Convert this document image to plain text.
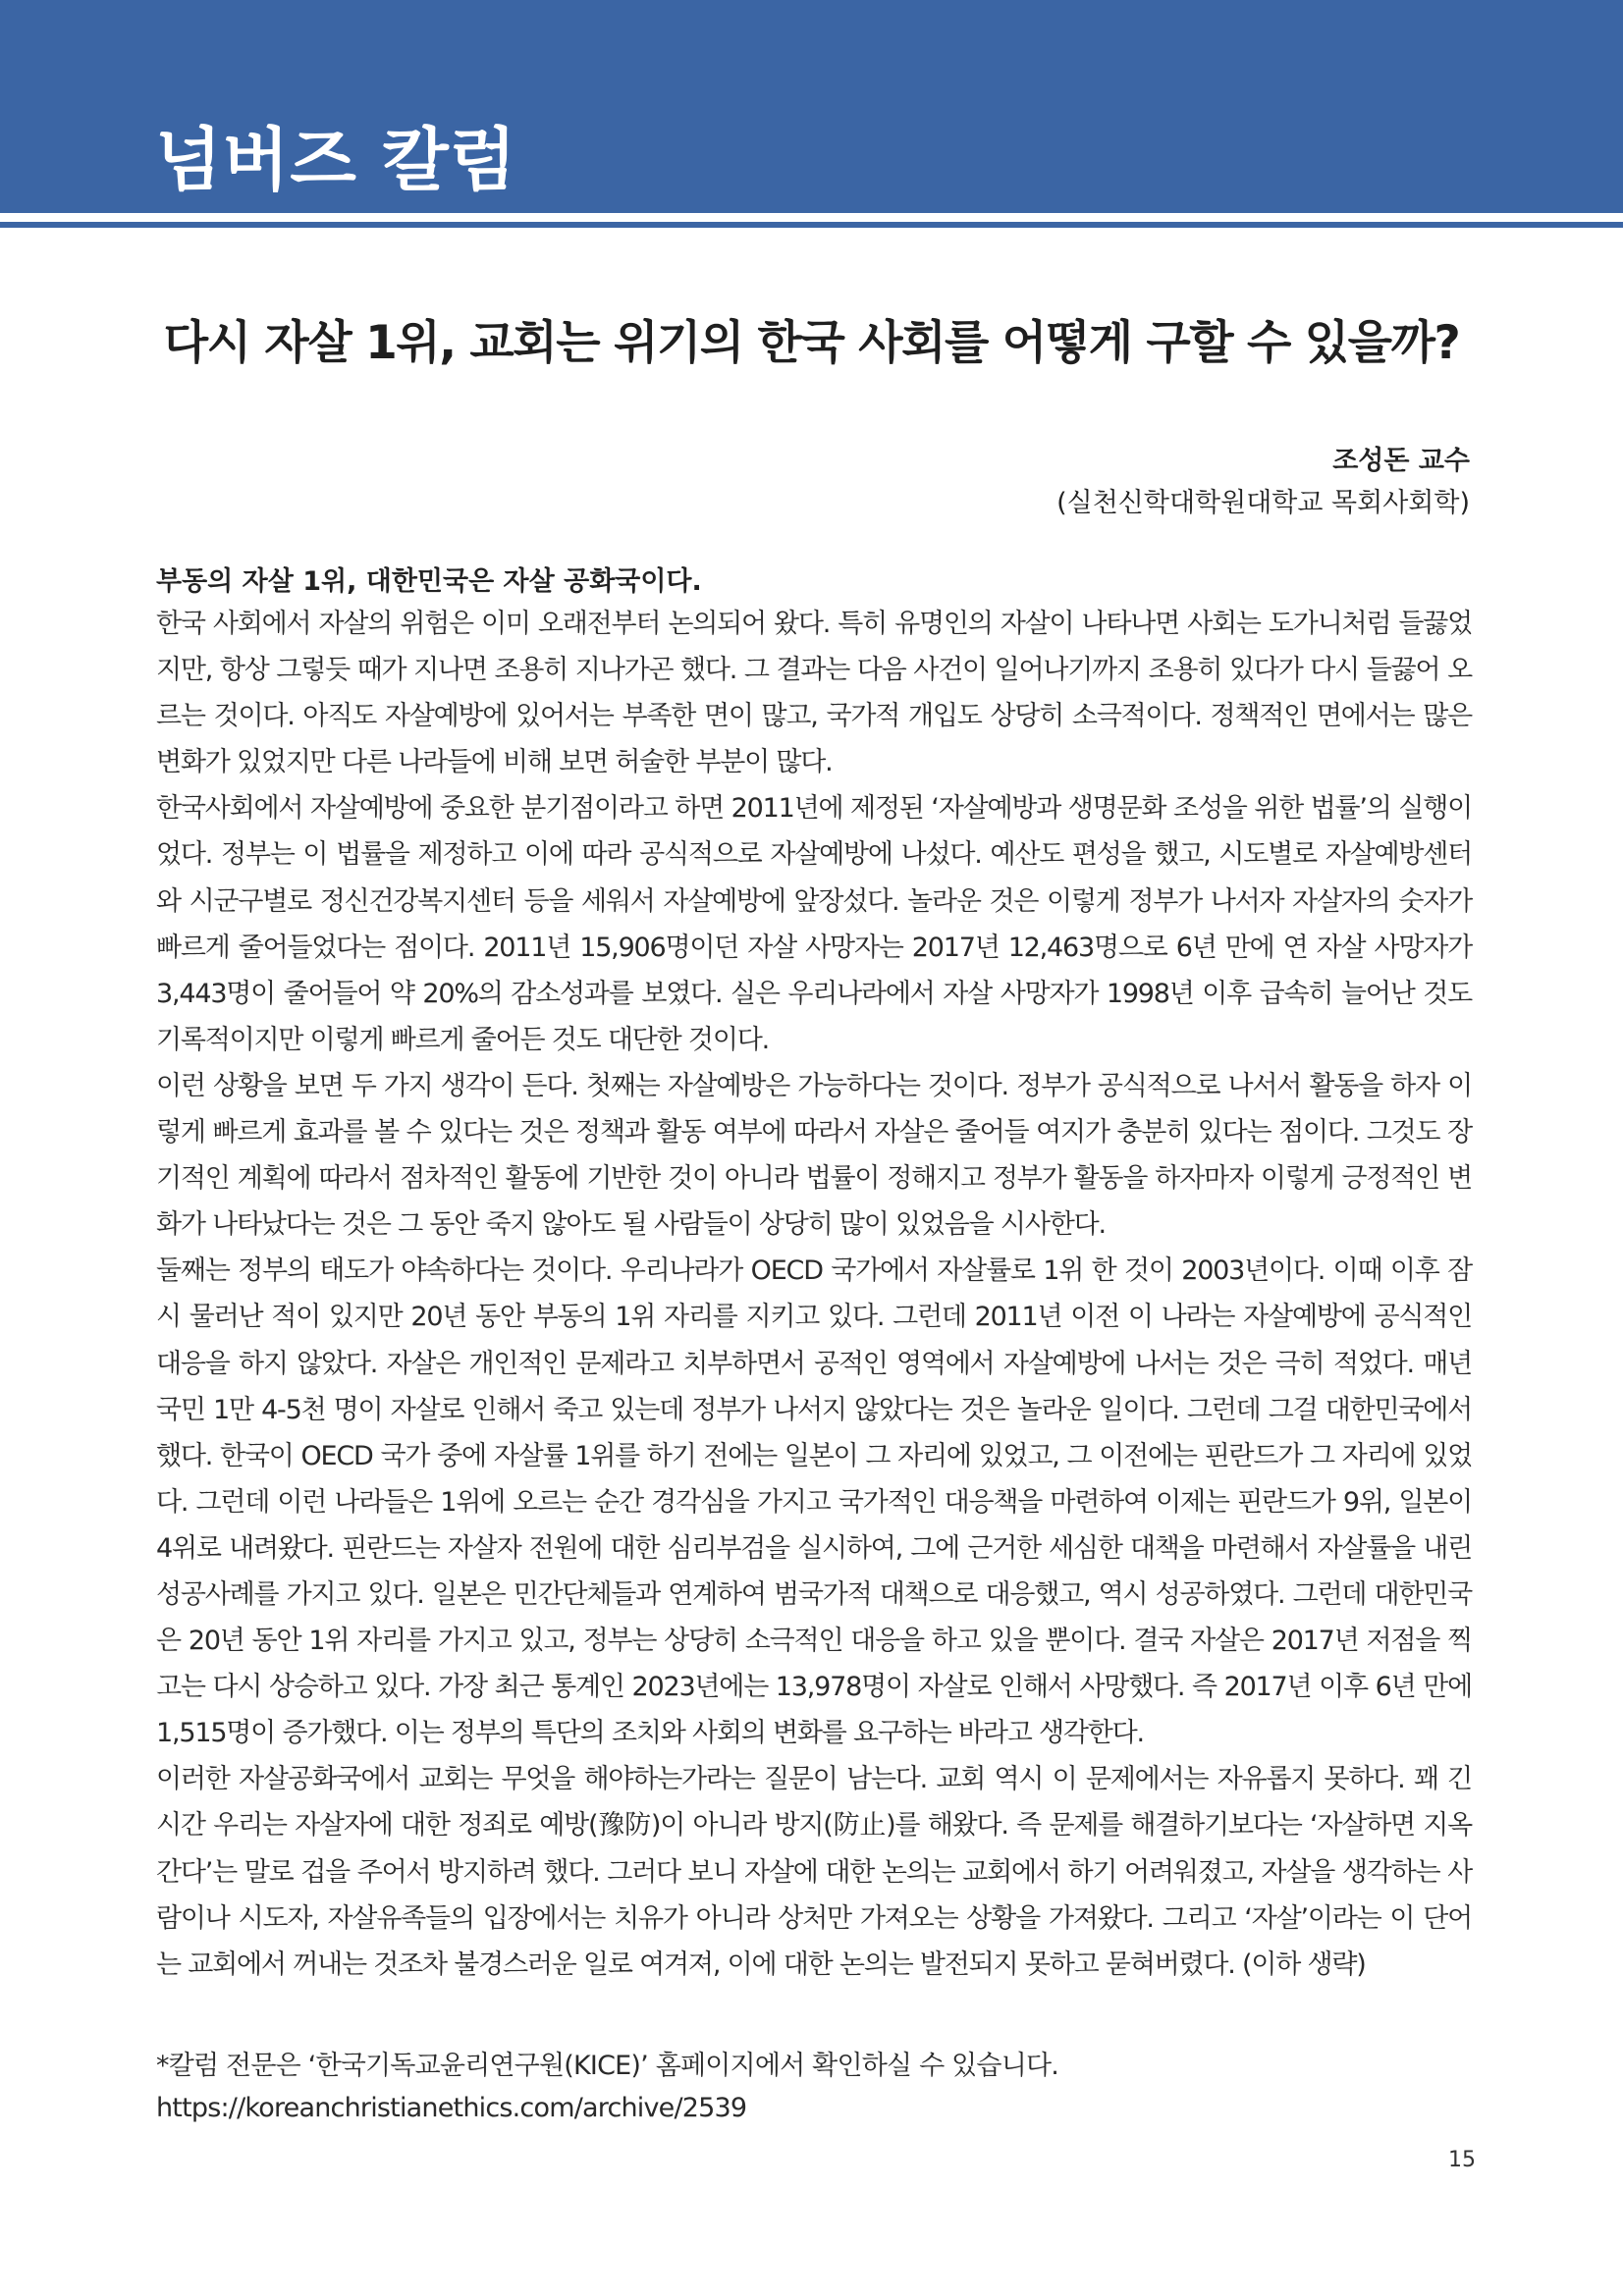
넘버즈 칼럼
다시 자살 1위, 교회는 위기의 한국 사회를 어떻게 구할 수 있을까?
조성돈 교수
(실천신학대학원대학교 목회사회학)
부동의 자살 1위, 대한민국은 자살 공화국이다.

한국 사회에서 자살의 위험은 이미 오래전부터 논의되어 왔다. 특히 유명인의 자살이 나타나면 사회는 도가니처럼 들끓었지만, 항상 그렇듯 때가 지나면 조용히 지나가곤 했다. 그 결과는 다음 사건이 일어나기까지 조용히 있다가 다시 들끓어 오르는 것이다. 아직도 자살예방에 있어서는 부족한 면이 많고, 국가적 개입도 상당히 소극적이다. 정책적인 면에서는 많은 변화가 있었지만 다른 나라들에 비해 보면 허술한 부분이 많다.

한국사회에서 자살예방에 중요한 분기점이라고 하면 2011년에 제정된 ‘자살예방과 생명문화 조성을 위한 법률’의 실행이었다. 정부는 이 법률을 제정하고 이에 따라 공식적으로 자살예방에 나섰다. 예산도 편성을 했고, 시도별로 자살예방센터와 시군구별로 정신건강복지센터 등을 세워서 자살예방에 앞장섰다. 놀라운 것은 이렇게 정부가 나서자 자살자의 숫자가 빠르게 줄어들었다는 점이다. 2011년 15,906명이던 자살 사망자는 2017년 12,463명으로 6년 만에 연 자살 사망자가 3,443명이 줄어들어 약 20%의 감소성과를 보였다. 실은 우리나라에서 자살 사망자가 1998년 이후 급속히 늘어난 것도 기록적이지만 이렇게 빠르게 줄어든 것도 대단한 것이다.

이런 상황을 보면 두 가지 생각이 든다. 첫째는 자살예방은 가능하다는 것이다. 정부가 공식적으로 나서서 활동을 하자 이렇게 빠르게 효과를 볼 수 있다는 것은 정책과 활동 여부에 따라서 자살은 줄어들 여지가 충분히 있다는 점이다. 그것도 장기적인 계획에 따라서 점차적인 활동에 기반한 것이 아니라 법률이 정해지고 정부가 활동을 하자마자 이렇게 긍정적인 변화가 나타났다는 것은 그 동안 죽지 않아도 될 사람들이 상당히 많이 있었음을 시사한다.

둘째는 정부의 태도가 야속하다는 것이다. 우리나라가 OECD 국가에서 자살률로 1위 한 것이 2003년이다. 이때 이후 잠시 물러난 적이 있지만 20년 동안 부동의 1위 자리를 지키고 있다. 그런데 2011년 이전 이 나라는 자살예방에 공식적인 대응을 하지 않았다. 자살은 개인적인 문제라고 치부하면서 공적인 영역에서 자살예방에 나서는 것은 극히 적었다. 매년 국민 1만 4-5천 명이 자살로 인해서 죽고 있는데 정부가 나서지 않았다는 것은 놀라운 일이다. 그런데 그걸 대한민국에서 했다. 한국이 OECD 국가 중에 자살률 1위를 하기 전에는 일본이 그 자리에 있었고, 그 이전에는 핀란드가 그 자리에 있었다. 그런데 이런 나라들은 1위에 오르는 순간 경각심을 가지고 국가적인 대응책을 마련하여 이제는 핀란드가 9위, 일본이 4위로 내려왔다. 핀란드는 자살자 전원에 대한 심리부검을 실시하여, 그에 근거한 세심한 대책을 마련해서 자살률을 내린 성공사례를 가지고 있다. 일본은 민간단체들과 연계하여 범국가적 대책으로 대응했고, 역시 성공하였다. 그런데 대한민국은 20년 동안 1위 자리를 가지고 있고, 정부는 상당히 소극적인 대응을 하고 있을 뿐이다. 결국 자살은 2017년 저점을 찍고는 다시 상승하고 있다. 가장 최근 통계인 2023년에는 13,978명이 자살로 인해서 사망했다. 즉 2017년 이후 6년 만에 1,515명이 증가했다. 이는 정부의 특단의 조치와 사회의 변화를 요구하는 바라고 생각한다.

이러한 자살공화국에서 교회는 무엇을 해야하는가라는 질문이 남는다. 교회 역시 이 문제에서는 자유롭지 못하다. 꽤 긴 시간 우리는 자살자에 대한 정죄로 예방(豫防)이 아니라 방지(防止)를 해왔다. 즉 문제를 해결하기보다는 ‘자살하면 지옥 간다’는 말로 겁을 주어서 방지하려 했다. 그러다 보니 자살에 대한 논의는 교회에서 하기 어려워졌고, 자살을 생각하는 사람이나 시도자, 자살유족들의 입장에서는 치유가 아니라 상처만 가져오는 상황을 가져왔다. 그리고 ‘자살’이라는 이 단어는 교회에서 꺼내는 것조차 불경스러운 일로 여겨져, 이에 대한 논의는 발전되지 못하고 묻혀버렸다. (이하 생략)

*칼럼 전문은 ‘한국기독교윤리연구원(KICE)’ 홈페이지에서 확인하실 수 있습니다.
https://koreanchristianethics.com/archive/2539
15
